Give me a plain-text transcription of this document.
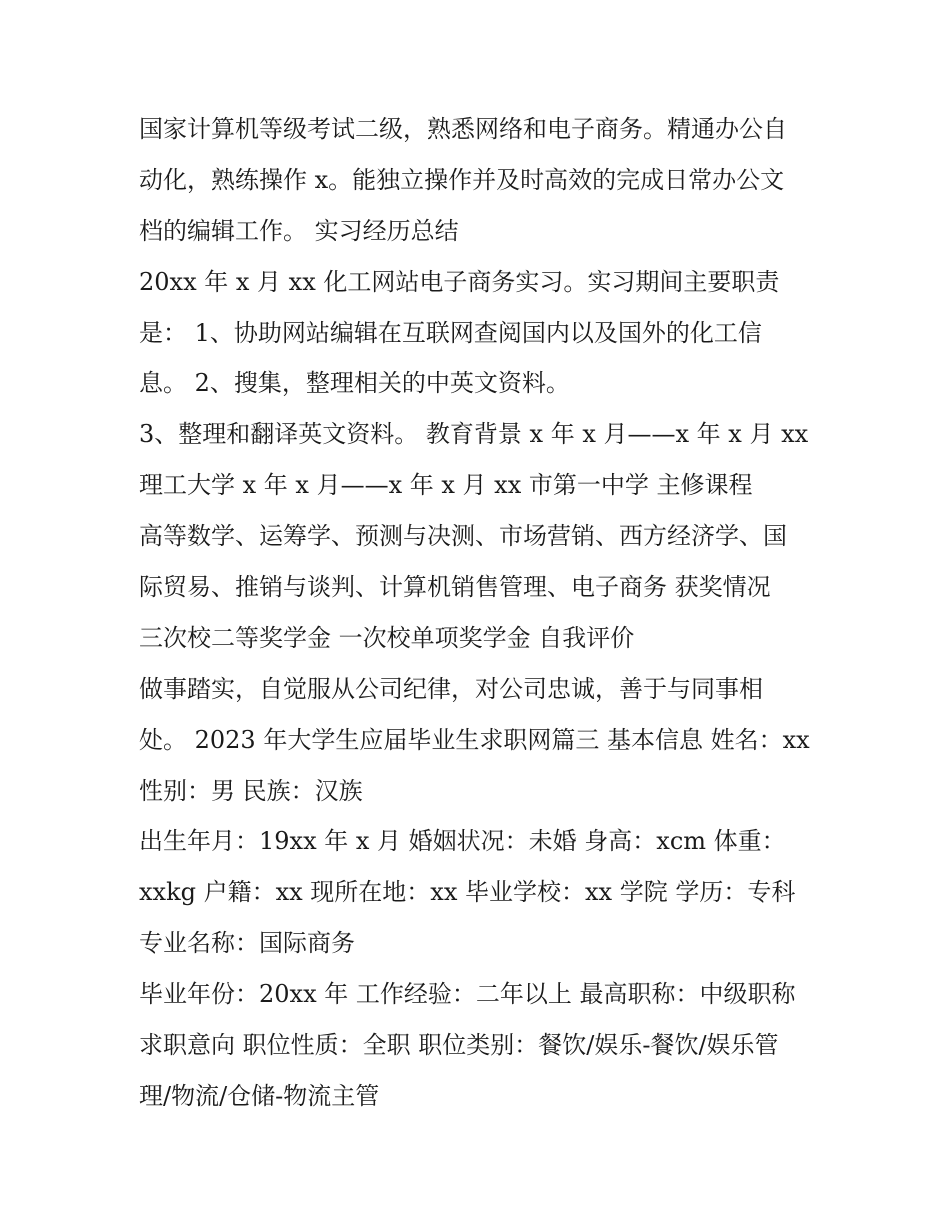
国家计算机等级考试二级，熟悉网络和电子商务。精通办公自
动化，熟练操作 x。能独立操作并及时高效的完成日常办公文
档的编辑工作。 实习经历总结
20xx 年 x 月 xx 化工网站电子商务实习。实习期间主要职责
是： 1、协助网站编辑在互联网查阅国内以及国外的化工信
息。 2、搜集，整理相关的中英文资料。
3、整理和翻译英文资料。 教育背景 x 年 x 月——x 年 x 月 xx
理工大学 x 年 x 月——x 年 x 月 xx 市第一中学 主修课程
高等数学、运筹学、预测与决测、市场营销、西方经济学、国
际贸易、推销与谈判、计算机销售管理、电子商务 获奖情况
三次校二等奖学金 一次校单项奖学金 自我评价
做事踏实，自觉服从公司纪律，对公司忠诚，善于与同事相
处。 2023 年大学生应届毕业生求职网篇三 基本信息 姓名：xx
性别：男 民族：汉族
出生年月：19xx 年 x 月 婚姻状况：未婚 身高：xcm 体重：
xxkg 户籍：xx 现所在地：xx 毕业学校：xx 学院 学历：专科
专业名称：国际商务
毕业年份：20xx 年 工作经验：二年以上 最高职称：中级职称
求职意向 职位性质：全职 职位类别：餐饮/娱乐-餐饮/娱乐管
理/物流/仓储-物流主管
